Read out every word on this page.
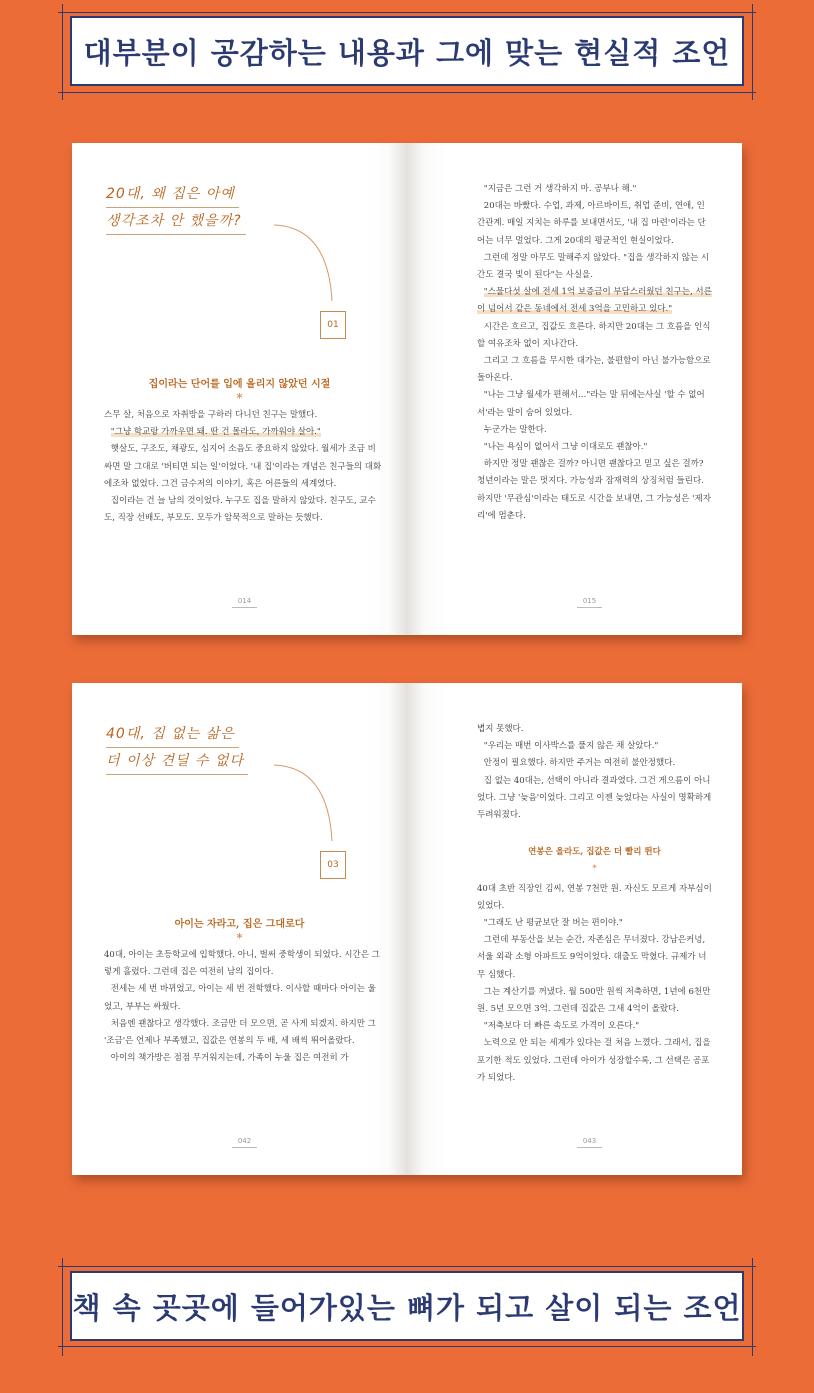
대부분이 공감하는 내용과 그에 맞는 현실적 조언
20대, 왜 집은 아예
생각조차 안 했을까?
01
집이라는 단어를 입에 올리지 않았던 시절
*

스무 살, 처음으로 자취방을 구하러 다니던 친구는 말했다.

"그냥 학교랑 가까우면 돼. 딴 건 몰라도, 가까워야 살아."

햇살도, 구조도, 채광도, 심지어 소음도 중요하지 않았다. 월세가 조금 비싸면 말 그대로 '버티면 되는 일'이었다. '내 집'이라는 개념은 친구들의 대화에조차 없었다. 그건 금수저의 이야기, 혹은 어른들의 세계였다.

집이라는 건 늘 남의 것이었다. 누구도 집을 말하지 않았다. 친구도, 교수도, 직장 선배도, 부모도. 모두가 암묵적으로 말하는 듯했다.

014

"지금은 그런 거 생각하지 마. 공부나 해."

20대는 바빴다. 수업, 과제, 아르바이트, 취업 준비, 연애, 인간관계. 매일 지치는 하루를 보내면서도, '내 집 마련'이라는 단어는 너무 멀었다. 그게 20대의 평균적인 현실이었다.

그런데 정말 아무도 말해주지 않았다. "집을 생각하지 않는 시간도 결국 빚이 된다"는 사실을.

"스물다섯 살에 전세 1억 보증금이 부담스러웠던 친구는, 서른이 넘어서 같은 동네에서 전세 3억을 고민하고 있다."

시간은 흐르고, 집값도 흐른다. 하지만 20대는 그 흐름을 인식할 여유조차 없이 지나간다.

그리고 그 흐름을 무시한 대가는, 불편함이 아닌 불가능함으로 돌아온다.

"나는 그냥 월세가 편해서…"라는 말 뒤에는사실 '할 수 없어서'라는 말이 숨어 있었다.

누군가는 말한다.

"나는 욕심이 없어서 그냥 이대로도 괜찮아."

하지만 정말 괜찮은 걸까? 아니면 괜찮다고 믿고 싶은 걸까? 청년이라는 말은 멋지다. 가능성과 잠재력의 상징처럼 들린다. 하지만 '무관심'이라는 태도로 시간을 보내면, 그 가능성은 '제자리'에 멈춘다.

015
40대, 집 없는 삶은
더 이상 견딜 수 없다
03
아이는 자라고, 집은 그대로다
*

40대, 아이는 초등학교에 입학했다. 아니, 벌써 중학생이 되었다. 시간은 그렇게 흘렀다. 그런데 집은 여전히 남의 집이다.

전세는 세 번 바뀌었고, 아이는 세 번 전학했다. 이사할 때마다 아이는 울었고, 부부는 싸웠다.

처음엔 괜찮다고 생각했다. 조금만 더 모으면, 곧 사게 되겠지. 하지만 그 '조금'은 언제나 부족했고, 집값은 연봉의 두 배, 세 배씩 뛰어올랐다.

아이의 책가방은 점점 무거워지는데, 가족이 누울 집은 여전히 가

042

볍지 못했다.

"우리는 매번 이사박스를 풀지 않은 채 살았다."

안정이 필요했다. 하지만 주거는 여전히 불안정했다.

집 없는 40대는, 선택이 아니라 결과였다. 그건 게으름이 아니었다. 그냥 '늦음'이었다. 그리고 이젠 늦었다는 사실이 명확하게 두려워졌다.

연봉은 올라도, 집값은 더 빨리 뛴다

*

40대 초반 직장인 김씨, 연봉 7천만 원. 자신도 모르게 자부심이 있었다.

"그래도 난 평균보단 잘 버는 편이야."

그런데 부동산을 보는 순간, 자존심은 무너졌다. 강남은커녕, 서울 외곽 소형 아파트도 9억이었다. 대출도 막혔다. 규제가 너무 심했다.

그는 계산기를 꺼냈다. 월 500만 원씩 저축하면, 1년에 6천만 원. 5년 모으면 3억. 그런데 집값은 그새 4억이 올랐다.

"저축보다 더 빠른 속도로 가격이 오른다."

노력으로 안 되는 세계가 있다는 걸 처음 느꼈다. 그래서, 집을 포기한 적도 있었다. 그런데 아이가 성장할수록, 그 선택은 공포가 되었다.

043
책 속 곳곳에 들어가있는 뼈가 되고 살이 되는 조언
